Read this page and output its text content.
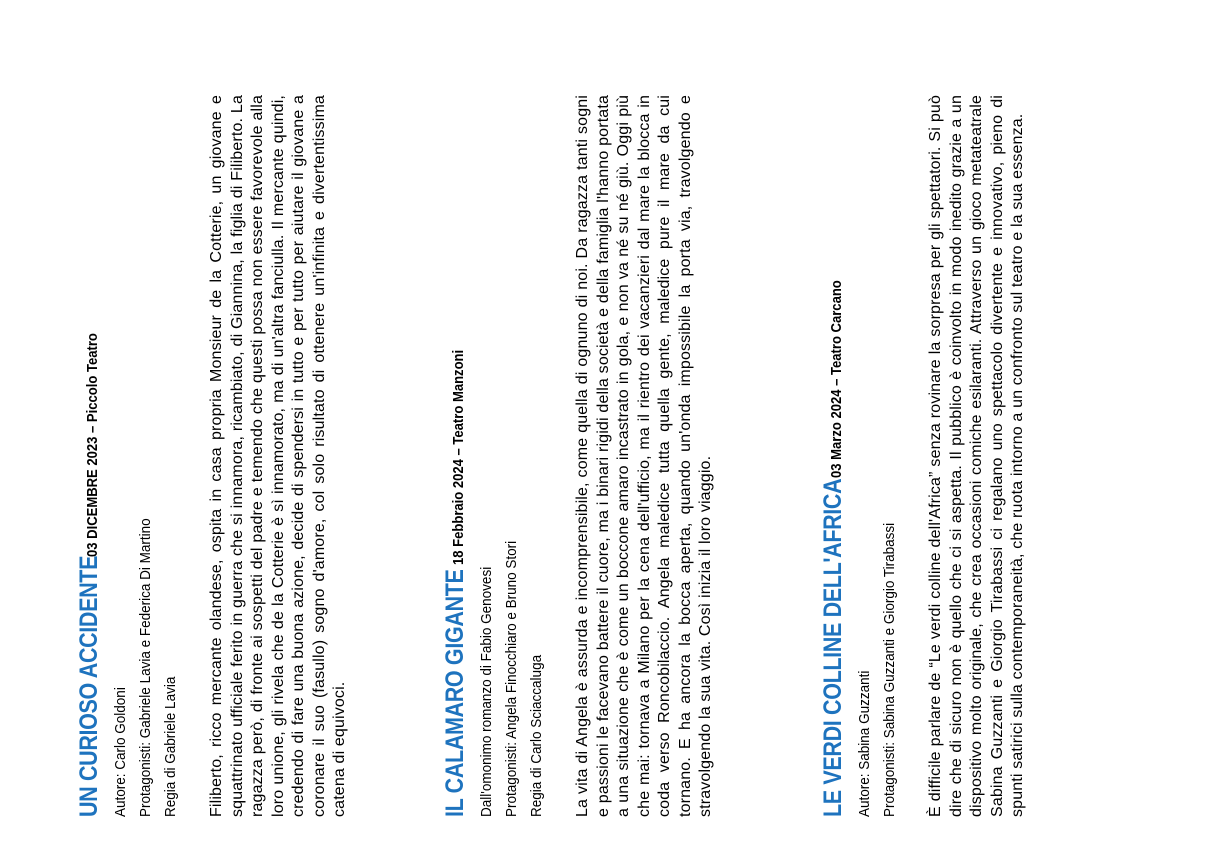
UN CURIOSO ACCIDENTE 03 DICEMBRE 2023 – Piccolo Teatro

Autore: Carlo Goldoni Protagonisti: Gabriele Lavia e Federica Di Martino Regia di Gabriele Lavia Filiberto, ricco mercante olandese, ospita in casa propria Monsieur de la Cotterie, un giovane e squattrinato ufficiale ferito in guerra che si innamora, ricambiato, di Giannina, la figlia di Filiberto. La ragazza però, di fronte ai sospetti del padre e temendo che questi possa non essere favorevole alla loro unione, gli rivela che de la Cotterie è sì innamorato, ma di un'altra fanciulla. Il mercante quindi, credendo di fare una buona azione, decide di spendersi in tutto e per tutto per aiutare il giovane a coronare il suo (fasullo) sogno d'amore, col solo risultato di ottenere un'infinita e divertentissima catena di equivoci.	IL CALAMARO GIGANTE 18 Febbraio 2024 – Teatro Manzoni

Dall'omonimo romanzo di Fabio Genovesi Protagonisti: Angela Finocchiaro e Bruno Stori Regia di Carlo Sciaccaluga La vita di Angela è assurda e incomprensibile, come quella di ognuno di noi. Da ragazza tanti sogni e passioni le facevano battere il cuore, ma i binari rigidi della società e della famiglia l'hanno portata a una situazione che è come un boccone amaro incastrato in gola, e non va né su né giù. Oggi più che mai: tornava a Milano per la cena dell'ufficio, ma il rientro dei vacanzieri dal mare la blocca in coda verso Roncobilaccio. Angela maledice tutta quella gente, maledice pure il mare da cui tornano. E ha ancora la bocca aperta, quando un'onda impossibile la porta via, travolgendo e stravolgendo la sua vita. Così inizia il loro viaggio.	LE VERDI COLLINE DELL'AFRICA 03 Marzo 2024 – Teatro Carcano

Autore: Sabina Guzzanti Protagonisti: Sabina Guzzanti e Giorgio Tirabassi È difficile parlare de “Le verdi colline dell'Africa” senza rovinare la sorpresa per gli spettatori. Si può dire che di sicuro non è quello che ci si aspetta. Il pubblico è coinvolto in modo inedito grazie a un dispositivo molto originale, che crea occasioni comiche esilaranti. Attraverso un gioco metateatrale Sabina Guzzanti e Giorgio Tirabassi ci regalano uno spettacolo divertente e innovativo, pieno di spunti satirici sulla contemporaneità, che ruota intorno a un confronto sul teatro e la sua essenza.
